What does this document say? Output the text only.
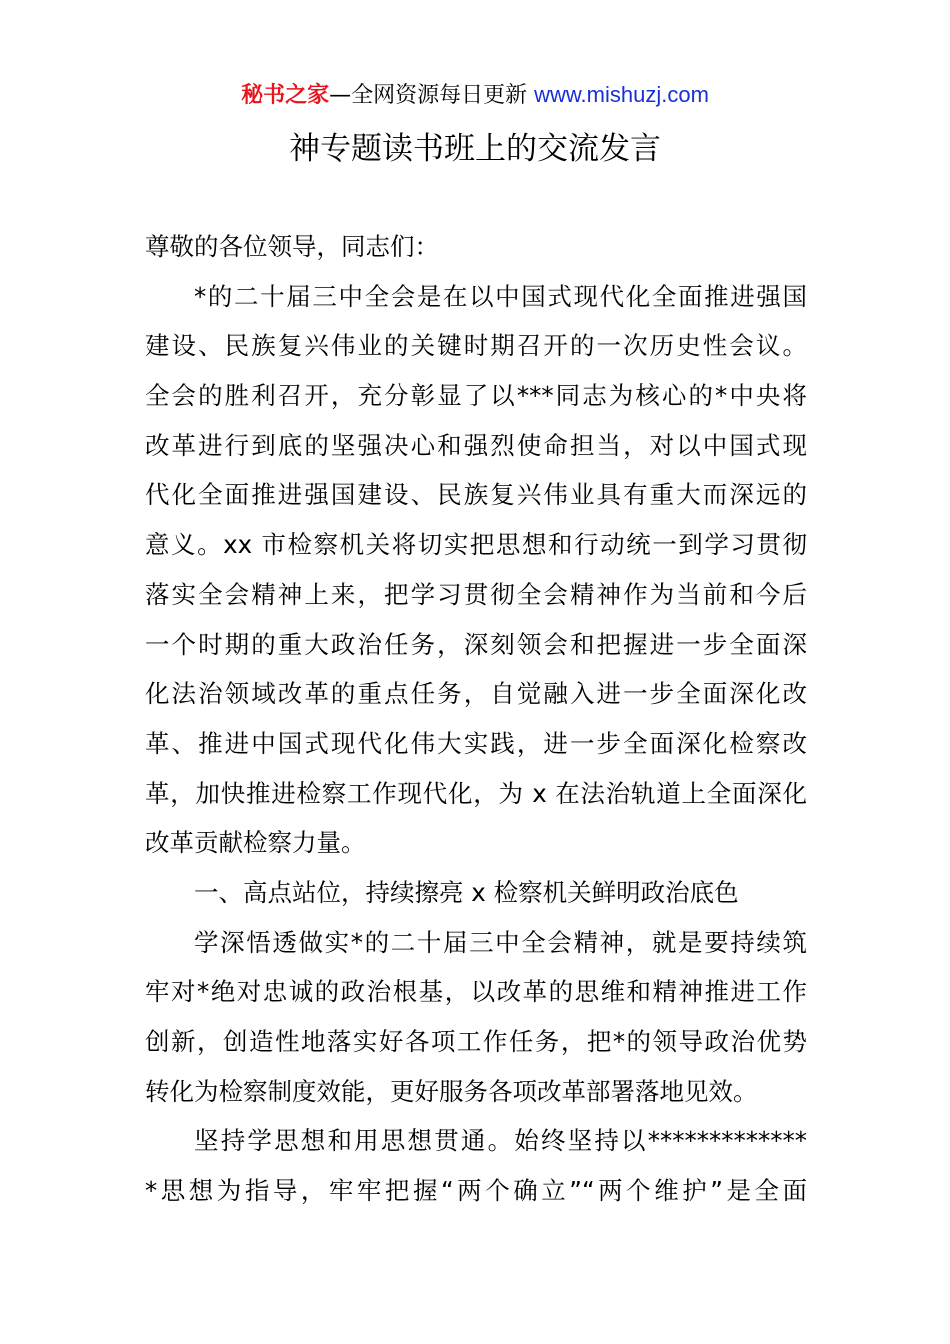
秘书之家—全网资源每日更新 www.mishuzj.com
神专题读书班上的交流发言
尊敬的各位领导，同志们：
*的二十届三中全会是在以中国式现代化全面推进强国
建设、民族复兴伟业的关键时期召开的一次历史性会议。
全会的胜利召开，充分彰显了以***同志为核心的*中央将
改革进行到底的坚强决心和强烈使命担当，对以中国式现
代化全面推进强国建设、民族复兴伟业具有重大而深远的
意义。xx 市检察机关将切实把思想和行动统一到学习贯彻
落实全会精神上来，把学习贯彻全会精神作为当前和今后
一个时期的重大政治任务，深刻领会和把握进一步全面深
化法治领域改革的重点任务，自觉融入进一步全面深化改
革、推进中国式现代化伟大实践，进一步全面深化检察改
革，加快推进检察工作现代化，为 x 在法治轨道上全面深化
改革贡献检察力量。
一、高点站位，持续擦亮 x 检察机关鲜明政治底色
学深悟透做实*的二十届三中全会精神，就是要持续筑
牢对*绝对忠诚的政治根基，以改革的思维和精神推进工作
创新，创造性地落实好各项工作任务，把*的领导政治优势
转化为检察制度效能，更好服务各项改革部署落地见效。
坚持学思想和用思想贯通。始终坚持以*************
*思想为指导，牢牢把握“两个确立”“两个维护”是全面
